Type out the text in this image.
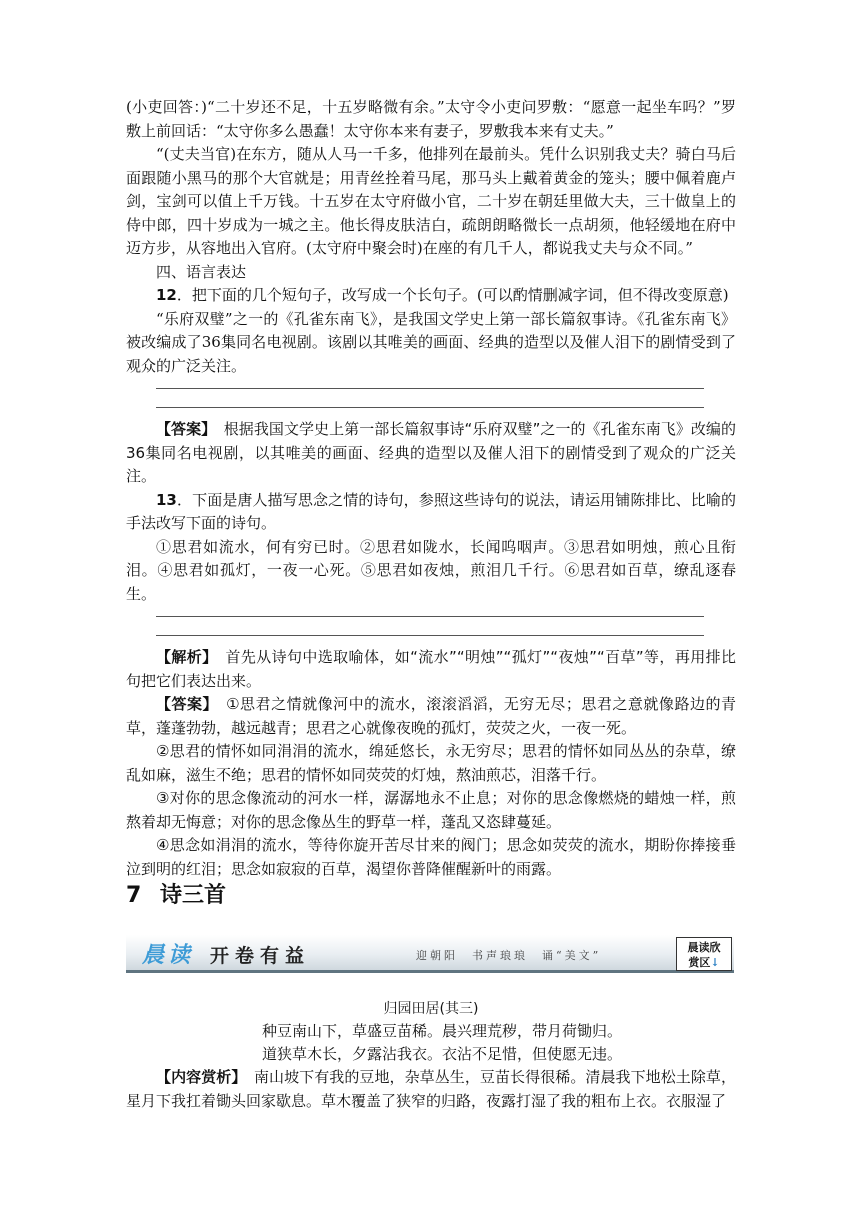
(小吏回答：)“二十岁还不足，十五岁略微有余。”太守令小吏问罗敷：“愿意一起坐车吗？”罗敷上前回话：“太守你多么愚蠢！太守你本来有妻子，罗敷我本来有丈夫。”

“(丈夫当官)在东方，随从人马一千多，他排列在最前头。凭什么识别我丈夫？骑白马后面跟随小黑马的那个大官就是；用青丝拴着马尾，那马头上戴着黄金的笼头；腰中佩着鹿卢剑，宝剑可以值上千万钱。十五岁在太守府做小官，二十岁在朝廷里做大夫，三十做皇上的侍中郎，四十岁成为一城之主。他长得皮肤洁白，疏朗朗略微长一点胡须，他轻缓地在府中迈方步，从容地出入官府。(太守府中聚会时)在座的有几千人，都说我丈夫与众不同。”

四、语言表达

12．把下面的几个短句子，改写成一个长句子。(可以酌情删减字词，但不得改变原意)

“乐府双璧”之一的《孔雀东南飞》，是我国文学史上第一部长篇叙事诗。《孔雀东南飞》被改编成了36集同名电视剧。该剧以其唯美的画面、经典的造型以及催人泪下的剧情受到了观众的广泛关注。

【答案】　根据我国文学史上第一部长篇叙事诗“乐府双璧”之一的《孔雀东南飞》改编的36集同名电视剧，以其唯美的画面、经典的造型以及催人泪下的剧情受到了观众的广泛关注。

13．下面是唐人描写思念之情的诗句，参照这些诗句的说法，请运用铺陈排比、比喻的手法改写下面的诗句。

①思君如流水，何有穷已时。②思君如陇水，长闻呜咽声。③思君如明烛，煎心且衔泪。④思君如孤灯，一夜一心死。⑤思君如夜烛，煎泪几千行。⑥思君如百草，缭乱逐春生。

【解析】　首先从诗句中选取喻体，如“流水”“明烛”“孤灯”“夜烛”“百草”等，再用排比句把它们表达出来。

【答案】　①思君之情就像河中的流水，滚滚滔滔，无穷无尽；思君之意就像路边的青草，蓬蓬勃勃，越远越青；思君之心就像夜晚的孤灯，荧荧之火，一夜一死。

②思君的情怀如同涓涓的流水，绵延悠长，永无穷尽；思君的情怀如同丛丛的杂草，缭乱如麻，滋生不绝；思君的情怀如同荧荧的灯烛，熬油煎芯，泪落千行。

③对你的思念像流动的河水一样，潺潺地永不止息；对你的思念像燃烧的蜡烛一样，煎熬着却无悔意；对你的思念像丛生的野草一样，蓬乱又恣肆蔓延。

④思念如涓涓的流水，等待你旋开苦尽甘来的阀门；思念如荧荧的流水，期盼你捧接垂泣到明的红泪；思念如寂寂的百草，渴望你普降催醒新叶的雨露。

7 诗三首
晨读 开卷有益	迎朝阳　书声琅琅　诵“美文”
晨读欣
赏区↓
归园田居(其三)
种豆南山下，草盛豆苗稀。晨兴理荒秽，带月荷锄归。
道狭草木长，夕露沾我衣。衣沾不足惜，但使愿无违。

【内容赏析】　南山坡下有我的豆地，杂草丛生，豆苗长得很稀。清晨我下地松土除草，星月下我扛着锄头回家歇息。草木覆盖了狭窄的归路，夜露打湿了我的粗布上衣。衣服湿了
